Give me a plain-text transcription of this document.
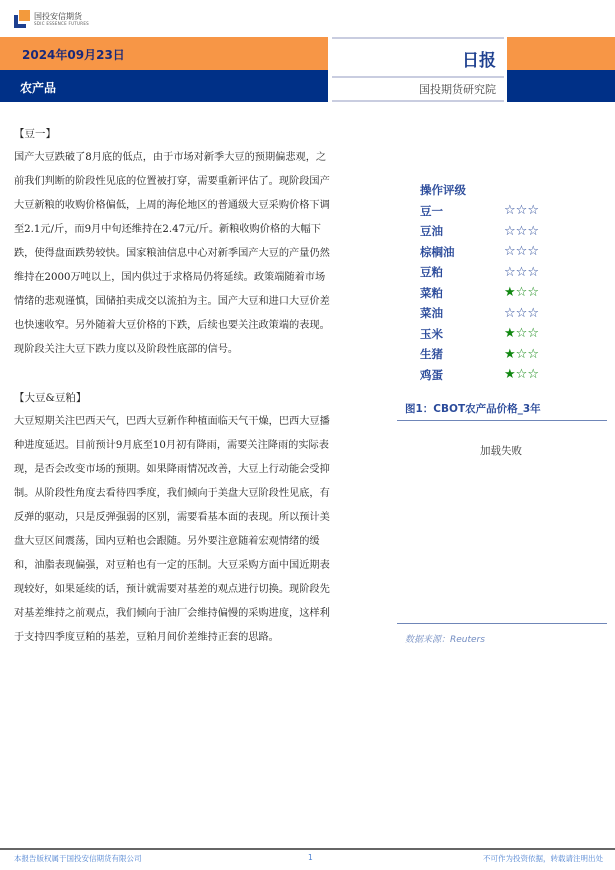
国投安信期货
SDIC ESSENCE FUTURES
2024年09月23日
农产品
日报
国投期货研究院
【豆一】
国产大豆跌破了8月底的低点，由于市场对新季大豆的预期偏悲观，之前我们判断的阶段性见底的位置被打穿，需要重新评估了。现阶段国产大豆新粮的收购价格偏低，上周的海伦地区的普通级大豆采购价格下调至2.1元/斤，而9月中旬还维持在2.47元/斤。新粮收购价格的大幅下跌，使得盘面跌势较快。国家粮油信息中心对新季国产大豆的产量仍然维持在2000万吨以上，国内供过于求格局仍将延续。政策端随着市场情绪的悲观谨慎，国储拍卖成交以流拍为主。国产大豆和进口大豆价差也快速收窄。另外随着大豆价格的下跌，后续也要关注政策端的表现。现阶段关注大豆下跌力度以及阶段性底部的信号。
【大豆&豆粕】
大豆短期关注巴西天气，巴西大豆新作种植面临天气干燥，巴西大豆播种进度延迟。目前预计9月底至10月初有降雨，需要关注降雨的实际表现，是否会改变市场的预期。如果降雨情况改善，大豆上行动能会受抑制。从阶段性角度去看待四季度，我们倾向于美盘大豆阶段性见底，有反弹的驱动，只是反弹强弱的区别，需要看基本面的表现。所以预计美盘大豆区间震荡，国内豆粕也会跟随。另外要注意随着宏观情绪的缓和，油脂表现偏强，对豆粕也有一定的压制。大豆采购方面中国近期表现较好，如果延续的话，预计就需要对基差的观点进行切换。现阶段先对基差维持之前观点，我们倾向于油厂会维持偏慢的采购进度，这样利于支持四季度豆粕的基差，豆粕月间价差维持正套的思路。
操作评级
豆一	☆☆☆
豆油	☆☆☆
棕榈油	☆☆☆
豆粕	☆☆☆
菜粕	★☆☆
菜油	☆☆☆
玉米	★☆☆
生猪	★☆☆
鸡蛋	★☆☆
图1：CBOT农产品价格_3年
加载失败
数据来源：Reuters
本报告版权属于国投安信期货有限公司	1	不可作为投资依据，转载请注明出处
